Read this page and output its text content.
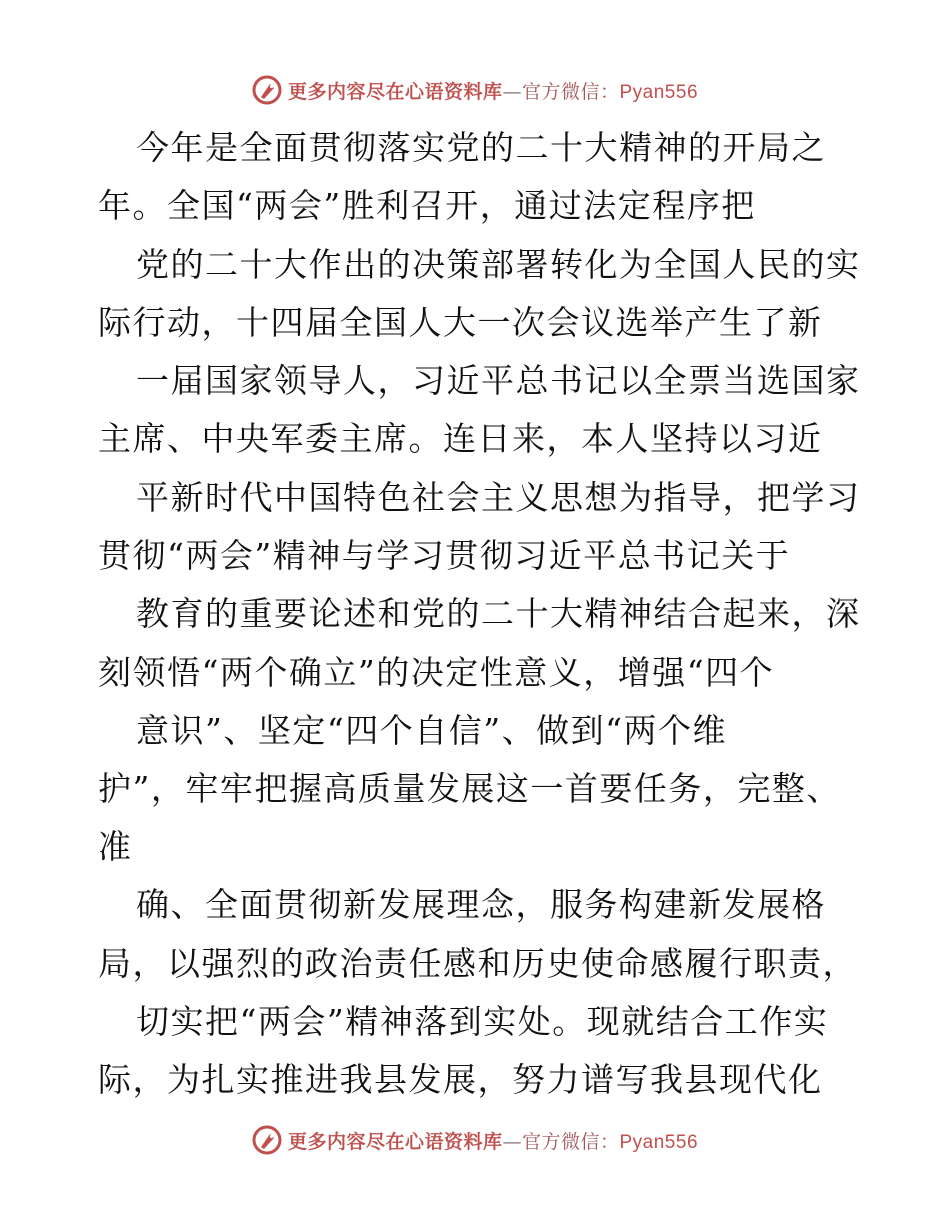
更多内容尽在心语资料库—官方微信：Pyan556
今年是全面贯彻落实党的二十大精神的开局之
年。全国“两会”胜利召开，通过法定程序把
党的二十大作出的决策部署转化为全国人民的实
际行动，十四届全国人大一次会议选举产生了新
一届国家领导人，习近平总书记以全票当选国家
主席、中央军委主席。连日来，本人坚持以习近
平新时代中国特色社会主义思想为指导，把学习
贯彻“两会”精神与学习贯彻习近平总书记关于
教育的重要论述和党的二十大精神结合起来，深
刻领悟“两个确立”的决定性意义，增强“四个
意识”、坚定“四个自信”、做到“两个维
护”，牢牢把握高质量发展这一首要任务，完整、
准
确、全面贯彻新发展理念，服务构建新发展格
局，以强烈的政治责任感和历史使命感履行职责，
切实把“两会”精神落到实处。现就结合工作实
际，为扎实推进我县发展，努力谱写我县现代化
更多内容尽在心语资料库—官方微信：Pyan556
